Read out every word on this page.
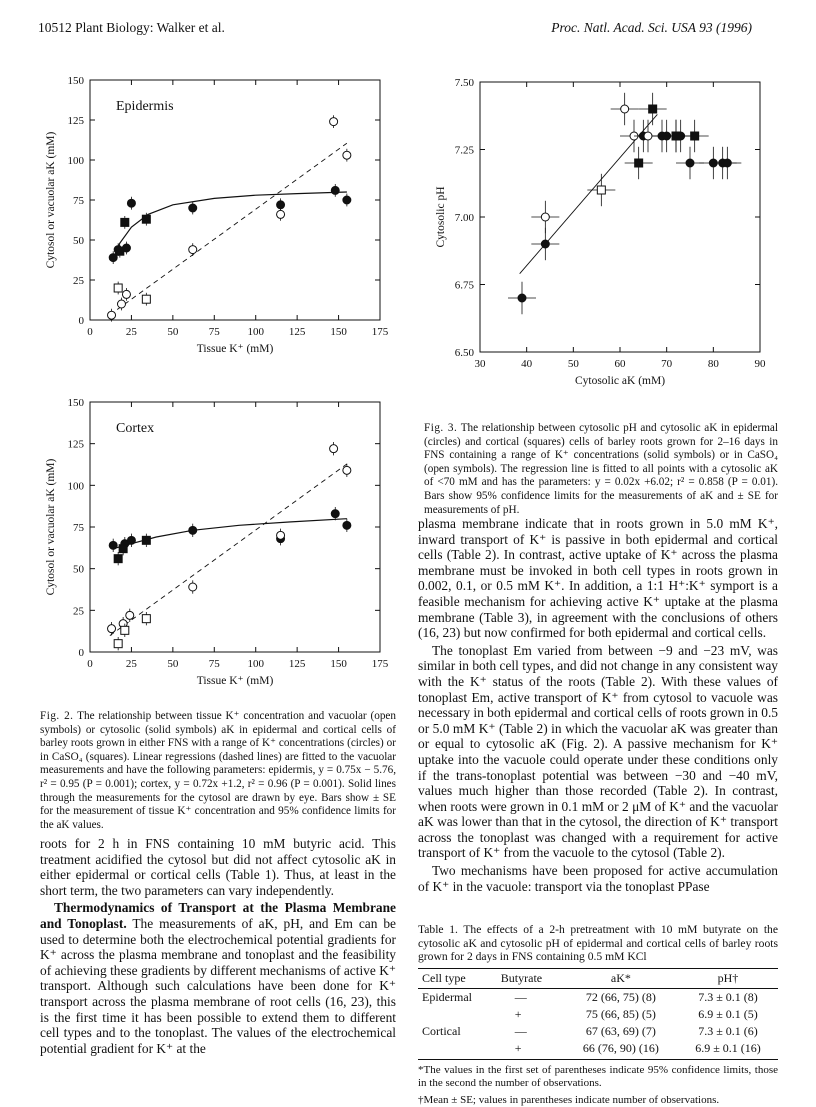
10512 Plant Biology: Walker et al.	Proc. Natl. Acad. Sci. USA 93 (1996)
0	25	50	75	100 125 150 175
0
25
50
75
100
125
150
Tissue K⁺ (mM)
Cytosol or vacuolar aK (mM)
Epidermis
0	25	50	75	100 125 150 175
0
25
50
75
100
125
150
Tissue K⁺ (mM)
Cytosol or vacuolar aK (mM)
Cortex
30	40	50	60	70	80	90
6.50
6.75
7.00
7.25
7.50
Cytosolic aK (mM)
Cytosolic pH
Fig. 2. The relationship between tissue K⁺ concentration and vacuolar (open symbols) or cytosolic (solid symbols) aK in epidermal and cortical cells of barley roots grown in either FNS with a range of K⁺ concentrations (circles) or in CaSO₄ (squares). Linear regressions (dashed lines) are fitted to the vacuolar measurements and have the following parameters: epidermis, y = 0.75x − 5.76, r² = 0.95 (P = 0.001); cortex, y = 0.72x +1.2, r² = 0.96 (P = 0.001). Solid lines through the measurements for the cytosol are drawn by eye. Bars show ± SE for the measurement of tissue K⁺ concentration and 95% confidence limits for the aK values.
Fig. 3. The relationship between cytosolic pH and cytosolic aK in epidermal (circles) and cortical (squares) cells of barley roots grown for 2–16 days in FNS containing a range of K⁺ concentrations (solid symbols) or in CaSO₄ (open symbols). The regression line is fitted to all points with a cytosolic aK of <70 mM and has the parameters: y = 0.02x +6.02; r² = 0.858 (P = 0.01). Bars show 95% confidence limits for the measurements of aK and ± SE for measurements of pH.

roots for 2 h in FNS containing 10 mM butyric acid. This treatment acidified the cytosol but did not affect cytosolic aK in either epidermal or cortical cells (Table 1). Thus, at least in the short term, the two parameters can vary independently.

Thermodynamics of Transport at the Plasma Membrane and Tonoplast. The measurements of aK, pH, and Em can be used to determine both the electrochemical potential gradients for K⁺ across the plasma membrane and tonoplast and the feasibility of achieving these gradients by different mechanisms of active K⁺ transport. Although such calculations have been done for K⁺ transport across the plasma membrane of root cells (16, 23), this is the first time it has been possible to extend them to different cell types and to the tonoplast. The values of the electrochemical potential gradient for K⁺ at the

plasma membrane indicate that in roots grown in 5.0 mM K⁺, inward transport of K⁺ is passive in both epidermal and cortical cells (Table 2). In contrast, active uptake of K⁺ across the plasma membrane must be invoked in both cell types in roots grown in 0.002, 0.1, or 0.5 mM K⁺. In addition, a 1:1 H⁺:K⁺ symport is a feasible mechanism for achieving active K⁺ uptake at the plasma membrane (Table 3), in agreement with the conclusions of others (16, 23) but now confirmed for both epidermal and cortical cells.

The tonoplast Em varied from between −9 and −23 mV, was similar in both cell types, and did not change in any consistent way with the K⁺ status of the roots (Table 2). With these values of tonoplast Em, active transport of K⁺ from cytosol to vacuole was necessary in both epidermal and cortical cells of roots grown in 0.5 or 5.0 mM K⁺ (Table 2) in which the vacuolar aK was greater than or equal to cytosolic aK (Fig. 2). A passive mechanism for K⁺ uptake into the vacuole could operate under these conditions only if the trans-tonoplast potential was between −30 and −40 mV, values much higher than those recorded (Table 2). In contrast, when roots were grown in 0.1 mM or 2 μM of K⁺ and the vacuolar aK was lower than that in the cytosol, the direction of K⁺ transport across the tonoplast was changed with a requirement for active transport of K⁺ from the vacuole to the cytosol (Table 2).

Two mechanisms have been proposed for active accumulation of K⁺ in the vacuole: transport via the tonoplast PPase

Table 1. The effects of a 2-h pretreatment with 10 mM butyrate on the cytosolic aK and cytosolic pH of epidermal and cortical cells of barley roots grown for 2 days in FNS containing 0.5 mM KCl
Cell type	Butyrate	aK*	pH†
Epidermal	—	72 (66, 75) (8)	7.3 ± 0.1 (8)
	+	75 (66, 85) (5)	6.9 ± 0.1 (5)
Cortical	—	67 (63, 69) (7)	7.3 ± 0.1 (6)
	+	66 (76, 90) (16)	6.9 ± 0.1 (16)
*The values in the first set of parentheses indicate 95% confidence limits, those in the second the number of observations.
†Mean ± SE; values in parentheses indicate number of observations.
